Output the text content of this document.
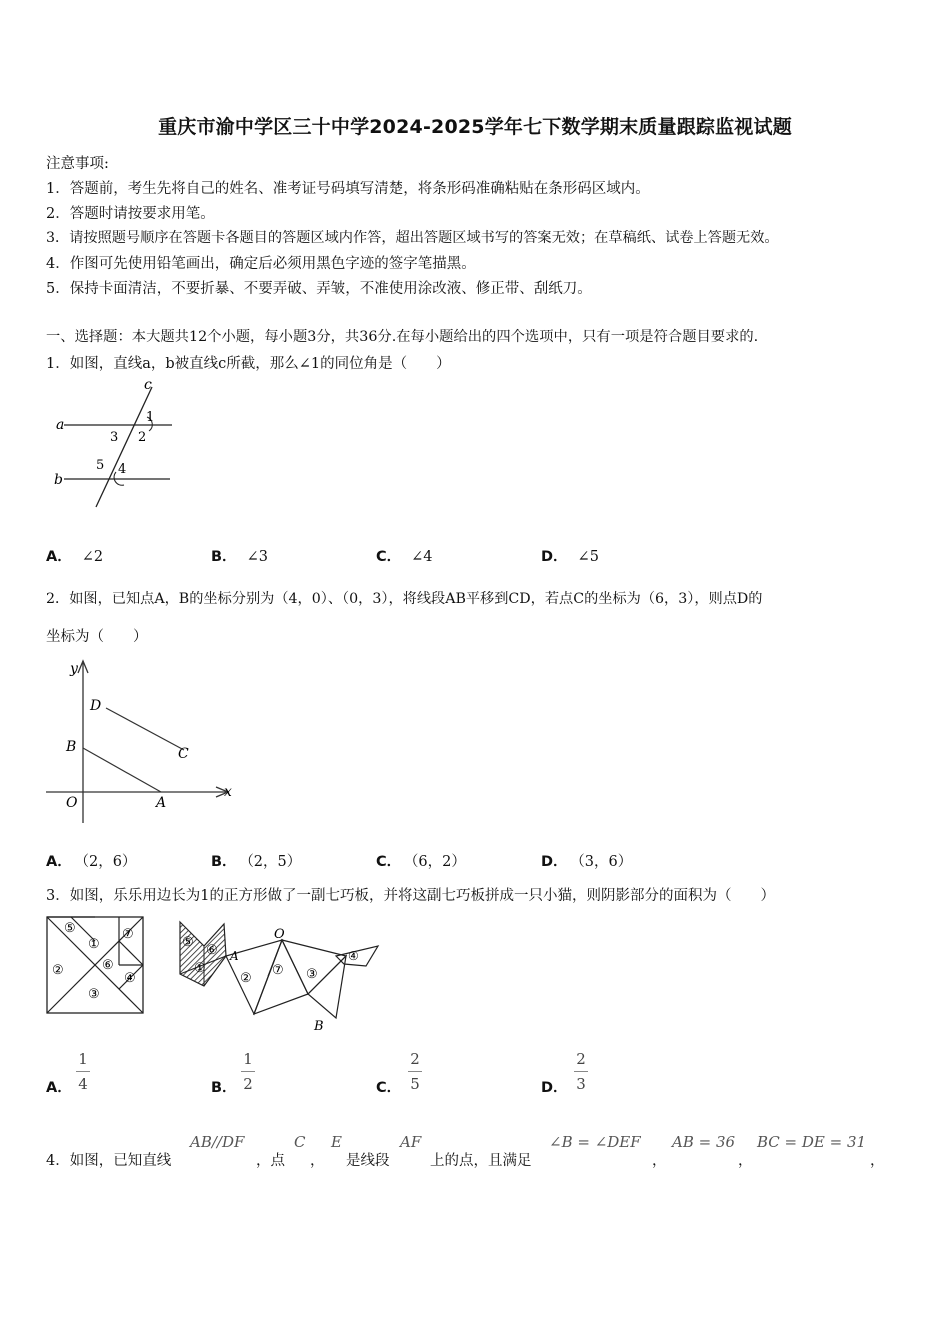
重庆市渝中学区三十中学2024-2025学年七下数学期末质量跟踪监视试题
注意事项:
1．答题前，考生先将自己的姓名、准考证号码填写清楚，将条形码准确粘贴在条形码区域内。
2．答题时请按要求用笔。
3．请按照题号顺序在答题卡各题目的答题区域内作答，超出答题区域书写的答案无效；在草稿纸、试卷上答题无效。
4．作图可先使用铅笔画出，确定后必须用黑色字迹的签字笔描黑。
5．保持卡面清洁，不要折暴、不要弄破、弄皱，不准使用涂改液、修正带、刮纸刀。
一、选择题：本大题共12个小题，每小题3分，共36分.在每小题给出的四个选项中，只有一项是符合题目要求的.
1．如图，直线a，b被直线c所截，那么∠1的同位角是（　　）
a
b
c
1
2
3
4
5
A． ∠2	B． ∠3	C． ∠4	D． ∠5
2．如图，已知点A，B的坐标分别为（4，0）、（0，3），将线段AB平移到CD，若点C的坐标为（6，3），则点D的
坐标为（　　）
y
x
O	A
B	C
D
A． （2，6）	B． （2，5）	C． （6，2）	D． （3，6）
3．如图，乐乐用边长为1的正方形做了一副七巧板，并将这副七巧板拼成一只小猫，则阴影部分的面积为（　　）
⑤
①
⑦
②	⑥
④
③
⑤
⑥
①
A
②
⑦
O
③
④
B
A．
1
4	B．
1
2	C．
2
5	D．
2
3
4．如图，已知直线
AB//DF
，点
C
，
E
是线段
AF
上的点，且满足
∠B = ∠DEF
，
AB = 36
，
BC = DE = 31
，
